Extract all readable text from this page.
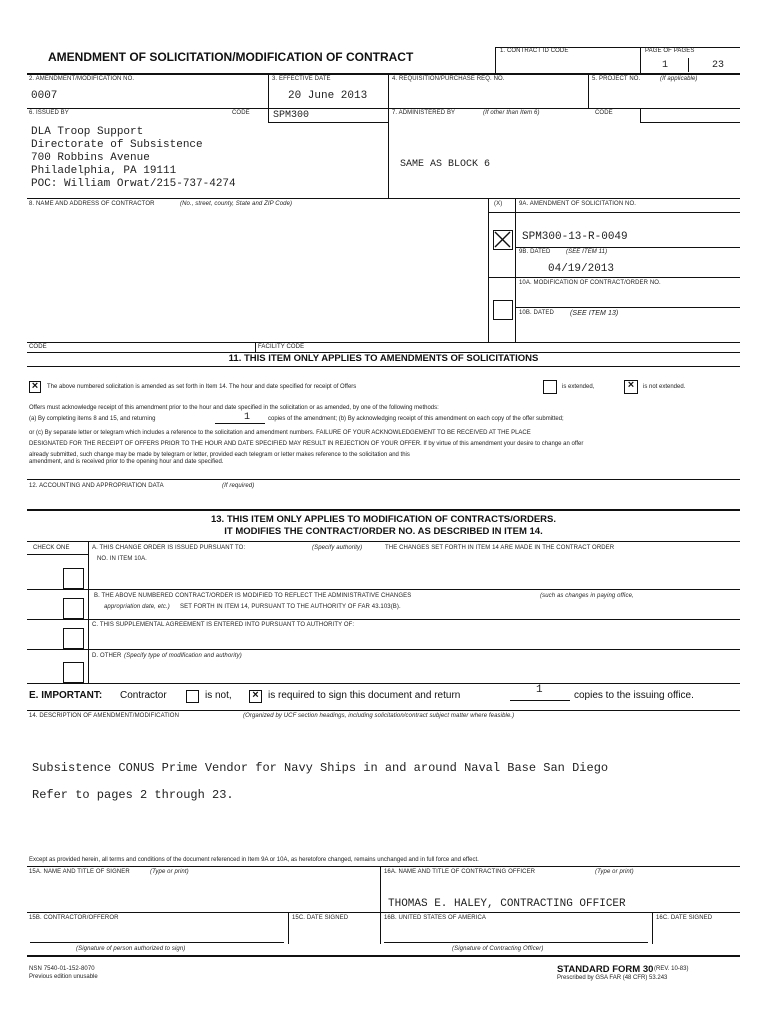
AMENDMENT OF SOLICITATION/MODIFICATION OF CONTRACT	1. CONTRACT ID CODE	PAGE OF PAGES
1	23
2. AMENDMENT/MODIFICATION NO.
0007
3. EFFECTIVE DATE
20 June 2013
4. REQUISITION/PURCHASE REQ. NO.	5. PROJECT NO.	(If applicable)
6. ISSUED BY	CODE SPM300	7. ADMINISTERED BY	(If other than Item 6)	CODE
DLA Troop Support
Directorate of Subsistence
700 Robbins Avenue
Philadelphia, PA 19111
POC: William Orwat/215-737-4274
SAME AS BLOCK 6
8. NAME AND ADDRESS OF CONTRACTOR	(No., street, county, State and ZIP Code)	(X)	9A. AMENDMENT OF SOLICITATION NO.
SPM300-13-R-0049
9B. DATED	(SEE ITEM 11)
04/19/2013
10A. MODIFICATION OF CONTRACT/ORDER NO.
10B. DATED (SEE ITEM 13)
CODE	FACILITY CODE
11. THIS ITEM ONLY APPLIES TO AMENDMENTS OF SOLICITATIONS
×	The above numbered solicitation is amended as set forth in Item 14. The hour and date specified for receipt of Offers	is extended,	×	is not extended.
Offers must acknowledge receipt of this amendment prior to the hour and date specified in the solicitation or as amended, by one of the following methods:
(a) By completing items 8 and 15, and returning	1	copies of the amendment; (b) By acknowledging receipt of this amendment on each copy of the offer submitted;
or (c) By separate letter or telegram which includes a reference to the solicitation and amendment numbers. FAILURE OF YOUR ACKNOWLEDGEMENT TO BE RECEIVED AT THE PLACE
DESIGNATED FOR THE RECEIPT OF OFFERS PRIOR TO THE HOUR AND DATE SPECIFIED MAY RESULT IN REJECTION OF YOUR OFFER. If by virtue of this amendment your desire to change an offer
already submitted, such change may be made by telegram or letter, provided each telegram or letter makes reference to the solicitation and this
amendment, and is received prior to the opening hour and date specified.
12. ACCOUNTING AND APPROPRIATION DATA	(If required)
13. THIS ITEM ONLY APPLIES TO MODIFICATION OF CONTRACTS/ORDERS.
IT MODIFIES THE CONTRACT/ORDER NO. AS DESCRIBED IN ITEM 14.
CHECK ONE	A. THIS CHANGE ORDER IS ISSUED PURSUANT TO:	(Specify authority)	THE CHANGES SET FORTH IN ITEM 14 ARE MADE IN THE CONTRACT ORDER
NO. IN ITEM 10A.
B. THE ABOVE NUMBERED CONTRACT/ORDER IS MODIFIED TO REFLECT THE ADMINISTRATIVE CHANGES	(such as changes in paying office,
appropriation date, etc.) SET FORTH IN ITEM 14, PURSUANT TO THE AUTHORITY OF FAR 43.103(B).
C. THIS SUPPLEMENTAL AGREEMENT IS ENTERED INTO PURSUANT TO AUTHORITY OF:
D. OTHER (Specify type of modification and authority)
E. IMPORTANT: Contractor	is not, × is required to sign this document and return	1	copies to the issuing office.
14. DESCRIPTION OF AMENDMENT/MODIFICATION	(Organized by UCF section headings, including solicitation/contract subject matter where feasible.)
Subsistence CONUS Prime Vendor for Navy Ships in and around Naval Base San Diego
Refer to pages 2 through 23.
Except as provided herein, all terms and conditions of the document referenced in Item 9A or 10A, as heretofore changed, remains unchanged and in full force and effect.
15A. NAME AND TITLE OF SIGNER	(Type or print)	16A. NAME AND TITLE OF CONTRACTING OFFICER	(Type or print)
THOMAS E. HALEY, CONTRACTING OFFICER
15B. CONTRACTOR/OFFEROR	15C. DATE SIGNED	16B. UNITED STATES OF AMERICA	16C. DATE SIGNED
(Signature of person authorized to sign)	(Signature of Contracting Officer)
NSN 7540-01-152-8070
Previous edition unusable
STANDARD FORM 30 (REV. 10-83)
Prescribed by GSA FAR (48 CFR) 53.243
